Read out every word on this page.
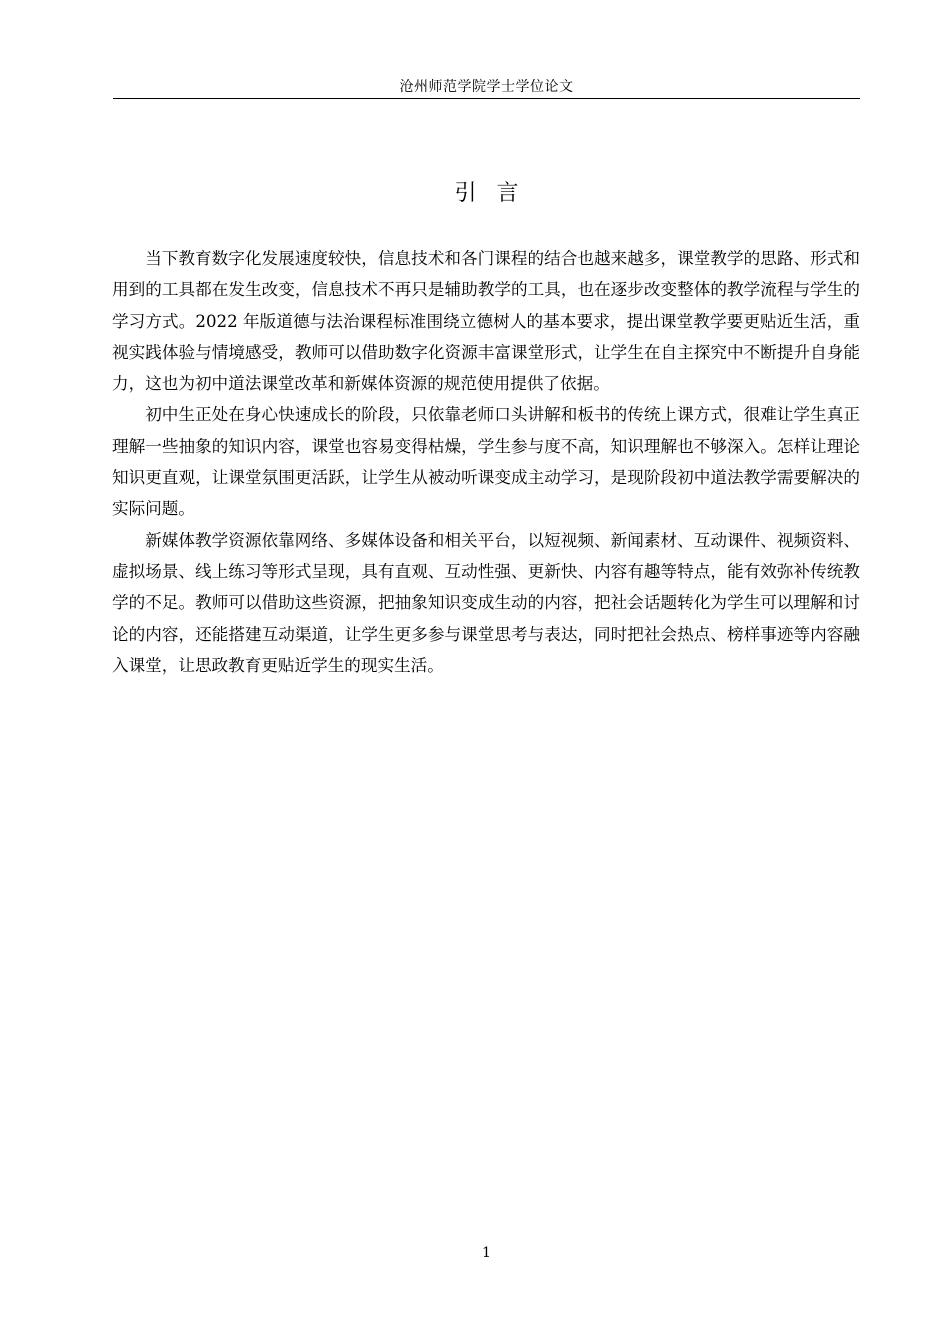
沧州师范学院学士学位论文
引言

当下教育数字化发展速度较快，信息技术和各门课程的结合也越来越多，课堂教学的思路、形式和用到的工具都在发生改变，信息技术不再只是辅助教学的工具，也在逐步改变整体的教学流程与学生的学习方式。2022 年版道德与法治课程标准围绕立德树人的基本要求，提出课堂教学要更贴近生活，重视实践体验与情境感受，教师可以借助数字化资源丰富课堂形式，让学生在自主探究中不断提升自身能力，这也为初中道法课堂改革和新媒体资源的规范使用提供了依据。

初中生正处在身心快速成长的阶段，只依靠老师口头讲解和板书的传统上课方式，很难让学生真正理解一些抽象的知识内容，课堂也容易变得枯燥，学生参与度不高，知识理解也不够深入。怎样让理论知识更直观，让课堂氛围更活跃，让学生从被动听课变成主动学习，是现阶段初中道法教学需要解决的实际问题。

新媒体教学资源依靠网络、多媒体设备和相关平台，以短视频、新闻素材、互动课件、视频资料、虚拟场景、线上练习等形式呈现，具有直观、互动性强、更新快、内容有趣等特点，能有效弥补传统教学的不足。教师可以借助这些资源，把抽象知识变成生动的内容，把社会话题转化为学生可以理解和讨论的内容，还能搭建互动渠道，让学生更多参与课堂思考与表达，同时把社会热点、榜样事迹等内容融入课堂，让思政教育更贴近学生的现实生活。

1
